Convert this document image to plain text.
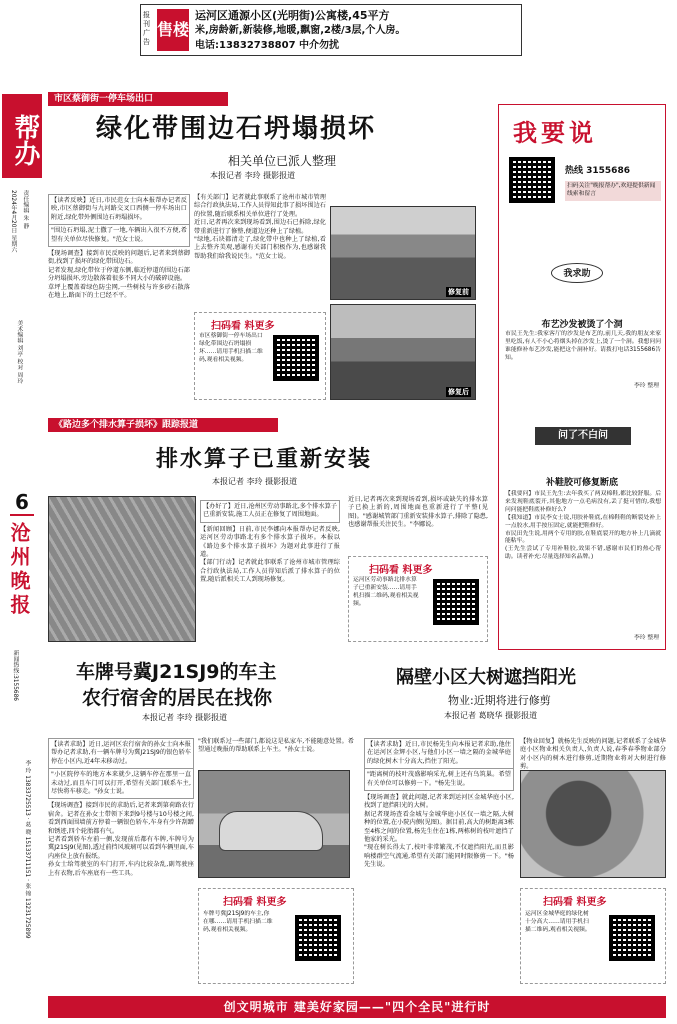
报刊广告
售楼
运河区通源小区(光明街)公寓楼,45平方
米,房龄新,新装修,地暖,飘窗,2楼/3层,个人房。
电话:13832738807 中介勿扰
帮办
2024年4月20日 星期六	责任编辑 朱 静
美术编辑 刘亭 校对 周玲
6
沧州晚报
新闻热线:3155686
李 玲 13833725513 · 葛 晓 15133711151 · 张 锦 13231725899
市区蔡御街一停车场出口
绿化带围边石坍塌损坏
相关单位已派人整理
本报记者 李玲 摄影报道
【读者反映】近日,市民范女士向本报帮办记者反映,市区蔡御街与九河路交叉口西侧一停车场出口附近,绿化带外侧围边石坍塌损坏。
"围边石坍塌,泥土撒了一地,车辆出入很不方便,希望有关单位尽快修复。"范女士说。
【现场调查】接到市民反映的问题后,记者来到蔡御街,找到了损坏的绿化带围边石。
记者发现,绿化带位于停道东侧,临近停道的围边石部分坍塌损坏,旁边散落着很多不同大小的破碎设施。
草坪上覆盖着绿色防尘网,一些树枝与许多砂石散落在地上,路面下的土已经不平。
【有关部门】记者就此事联系了沧州市城市管理综合行政执法局,工作人员得知此事了损坏围边石的位置,随后联系相关单位进行了处理。
近日,记者再次来到现场看到,围边石已拆除,绿化带重新进行了修整,便道边还种上了绿植。
"绿地,石块都清走了,绿化带中也种上了绿植,看上去整齐美观,感谢有关部门积极作为,也感谢我帮助我们给我说民生。"范女士说。
修复前
修复后
扫码看 料更多
市区蔡御街一停车场出口绿化带围边石坍塌损坏……请用手机扫描二维码,观看相关视频。
《路边多个排水算子损坏》跟踪报道
排水算子已重新安装
本报记者 李玲 摄影报道
【办好了】近日,沧州区劳动事路北,多个排水算子已重新安装,施工人员正在修复了周围地面。
【新闻回顾】日前,市民李娜向本报帮办记者反映,运河区劳动事路北有多个排水算子损坏。本报以《路边多个排水算子损坏》为题对此事进行了报道。
【部门行动】记者就此事联系了沧州市城市管理综合行政执法局,工作人员得知后派了排水算子的位置,随后派相关工人到现场修复。
近日,记者再次来到现场看到,损坏或缺失的排水算子已换上新的,周围地面也重新进行了平整(见图)。"感谢城管部门重新安装排水算子,排除了隐患,也感谢帮报关注民生。"李娜说。
扫码看 料更多
运河区劳动事路北排水算子已重新安装……请用手机扫描二维码,观看相关视频。
我要说
热线 3155686
扫码关注"晚报帮办",欢迎提供新闻线索和留言
我求助
布艺沙发被烫了个洞
市民王先生:我家客厅的沙发是布艺的,前几天,我的朋友来家里吃饭,有人不小心将烟头掉在沙发上,烫了一个洞。我想问问谁能修补布艺沙发,能把这个洞补好。请拨打电话3155686告知。
李玲 整理
问了不白问
补鞋胶可修复断底
【我要问】市民王先生:去年我买了两双棉鞋,都比较舒服。后来发现鞋底裂开,其他地方一点毛病没有,丢了挺可惜的,我想问问能把鞋底补修好么?
【我知道】市民李女士说,用胶补鞋底,在棉鞋鞋的断裂处补上一点胶水,用手按压固定,就能把鞋修好。
市民田先生说,用两个专用的胶,在鞋底裂开的地方补上几滴就能粘牢。
(王先生尝试了专用补鞋胶,效果不错,感谢市民们的热心帮助。读者补充:尽量选择知名品牌。)
李玲 整理
车牌号冀J21SJ9的车主
农行宿舍的居民在找你
本报记者 李玲 摄影报道
【读者求助】近日,运河区农行宿舍的孙女士向本报帮办记者求助,有一辆车牌号为冀J21SJ9的银色轿车停在小区内,近4年未移动过。
"小区院停车的地方本来就少,这辆车停在那里一直未动过,而且车门可以打开,希望有关部门联系车主,尽快将车移走。"孙女士说。
【现场调查】接到市民的求助后,记者来到第荷路农行宿舍。记者在孙女士带领下来到9号楼与10号楼之间,看到西面围墙前方停着一辆银色轿车,车身有少许刮蹭和锈迹,四个轮胎都有气。
记者看到轿车左前一侧,发现前后都有车牌,车牌号为冀J21SJ9(见图),透过前挡风玻璃可以看到车辆里面,车内座位上放有报纸。
孙女士给驾驶室的车门打开,车内比较杂乱,副驾驶座上有衣物,后车座底有一些工具。
"我们联系过一些部门,都说这是私家车,不能随意处置。希望通过晚报的帮助联系上车主。"孙女士说。
扫码看 料更多
车牌号冀J21SJ9的车主,你在哪……请用手机扫描二维码,观看相关视频。
隔壁小区大树遮挡阳光
物业:近期将进行修剪
本报记者 葛晓华 摄影报道
【读者求助】近日,市民杨先生向本报记者求助,他住在运河区金辉小区,与他们小区一墙之隔的金城华庭的绿化树木十分高大,挡住了阳光。
"距离树的枝叶茂盛影响采光,树上还有鸟筑巢。希望有关单位可以修剪一下。"杨先生说。
【现场调查】就此问题,记者来到运河区金城华庭小区,找到了遮挡阳光的大树。
据记者现场查看金城与金城华庭小区仅一墙之隔,大树种的位置,在小院内侧(见图)。据目前,高大的树距离3栋至4栋之间的位置,杨先生住在1栋,两栋树的枝叶遮挡了他家的采光。
"现在树长得太了,枝叶非常繁茂,不仅遮挡阳光,而且影响楼群空气流通,希望有关部门能同时限修剪一下。"杨先生说。
【物业回复】就杨先生反映的问题,记者联系了金城华庭小区物业相关负责人,负责人说,春季春季物业部分对小区内的树木进行修剪,近期物业将对大树进行修剪。
扫码看 料更多
运河区金城华庭的绿化树十分高大……请用手机扫描二维码,观看相关视频。
创文明城市 建美好家园——"四个全民"进行时
